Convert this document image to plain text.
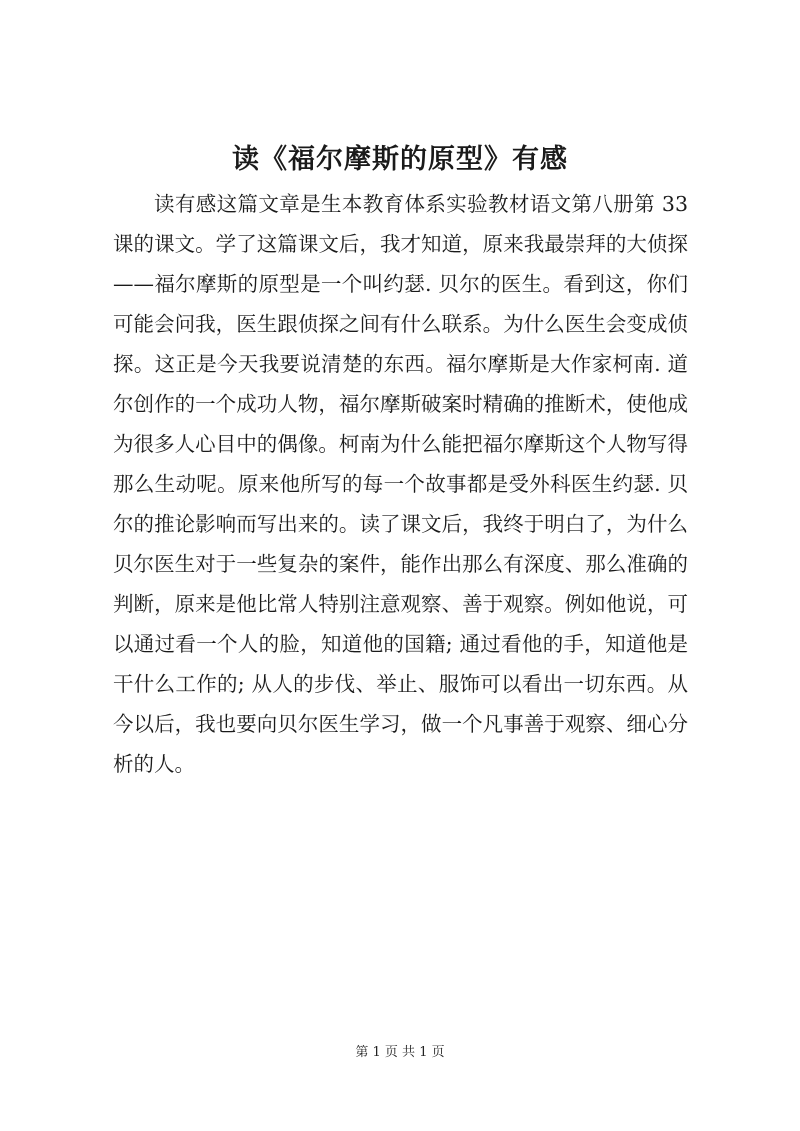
读《福尔摩斯的原型》有感
读有感这篇文章是生本教育体系实验教材语文第八册第 33
课的课文。学了这篇课文后，我才知道，原来我最崇拜的大侦探
——福尔摩斯的原型是一个叫约瑟. 贝尔的医生。看到这，你们
可能会问我，医生跟侦探之间有什么联系。为什么医生会变成侦
探。这正是今天我要说清楚的东西。福尔摩斯是大作家柯南. 道
尔创作的一个成功人物，福尔摩斯破案时精确的推断术，使他成
为很多人心目中的偶像。柯南为什么能把福尔摩斯这个人物写得
那么生动呢。原来他所写的每一个故事都是受外科医生约瑟. 贝
尔的推论影响而写出来的。读了课文后，我终于明白了，为什么
贝尔医生对于一些复杂的案件，能作出那么有深度、那么准确的
判断，原来是他比常人特别注意观察、善于观察。例如他说，可
以通过看一个人的脸，知道他的国籍; 通过看他的手，知道他是
干什么工作的; 从人的步伐、举止、服饰可以看出一切东西。从
今以后，我也要向贝尔医生学习，做一个凡事善于观察、细心分
析的人。
第 1 页 共 1 页
